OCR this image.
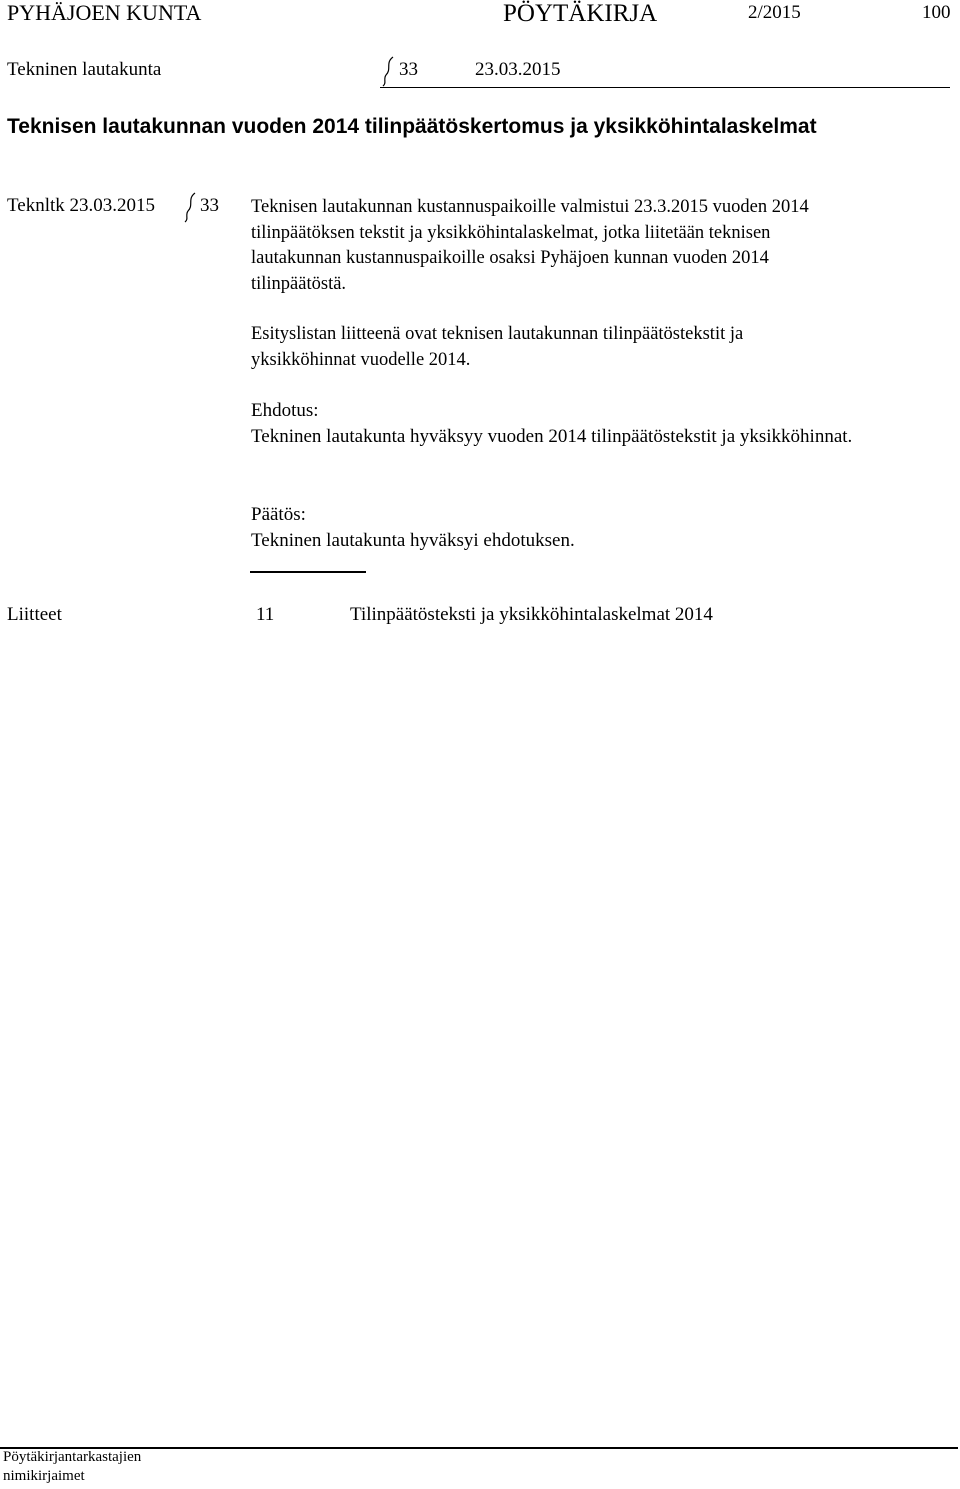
PYHÄJOEN KUNTA	PÖYTÄKIRJA	2/2015	100
Tekninen lautakunta	33	23.03.2015
Teknisen lautakunnan vuoden 2014 tilinpäätöskertomus ja yksikköhintalaskelmat
Teknltk 23.03.2015 33 Teknisen lautakunnan kustannuspaikoille valmistui 23.3.2015 vuoden 2014
tilinpäätöksen tekstit ja yksikköhintalaskelmat, jotka liitetään teknisen
lautakunnan kustannuspaikoille osaksi Pyhäjoen kunnan vuoden 2014
tilinpäätöstä.
Esityslistan liitteenä ovat teknisen lautakunnan tilinpäätöstekstit ja
yksikköhinnat vuodelle 2014.
Ehdotus:
Tekninen lautakunta hyväksyy vuoden 2014 tilinpäätöstekstit ja yksikköhinnat.
Päätös:
Tekninen lautakunta hyväksyi ehdotuksen.
Liitteet	11	Tilinpäätösteksti ja yksikköhintalaskelmat 2014
Pöytäkirjantarkastajien
nimikirjaimet
